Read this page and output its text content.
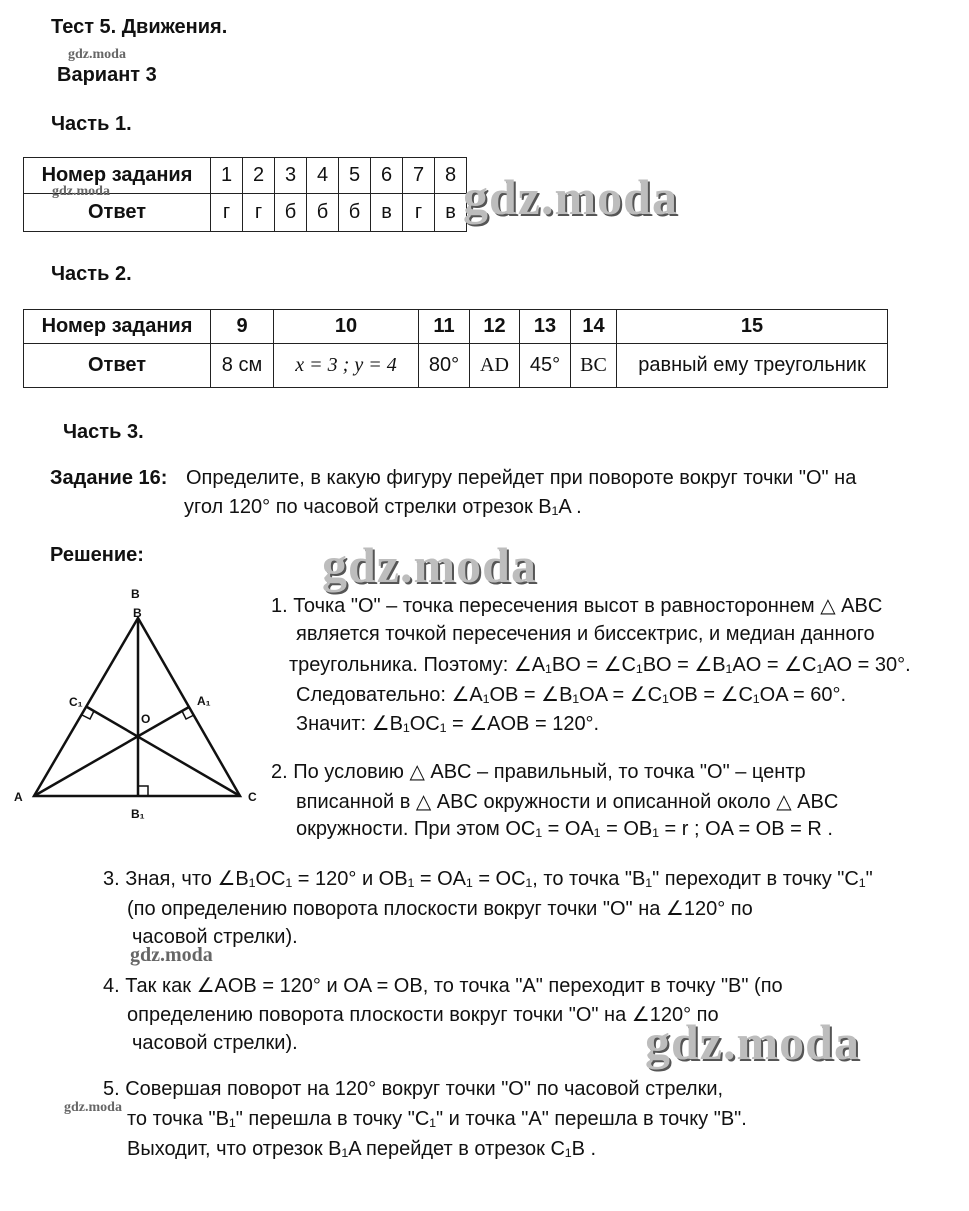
Тест 5. Движения.
gdz.moda
Вариант 3
Часть 1.
Номер задания	1	2	3	4	5	6	7	8
Ответ	г	г	б	б	б	в	г	в
gdz.moda	gdz.moda
Часть 2.
Номер задания	9	10	11	12	13	14	15
Ответ	8 см	x = 3 ; y = 4	80°	AD	45°	BC	равный ему треугольник
Часть 3.
Задание 16: Определите, в какую фигуру перейдет при повороте вокруг точки "O" на
угол 120° по часовой стрелки отрезок B₁A .
Решение:	gdz.moda
B
B
C₁	A₁
O
A	C
B₁
1. Точка "O" – точка пересечения высот в равностороннем △ ABC
является точкой пересечения и биссектрис, и медиан данного
треугольника. Поэтому: ∠A₁BO = ∠C₁BO = ∠B₁AO = ∠C₁AO = 30°.
Следовательно: ∠A₁OB = ∠B₁OA = ∠C₁OB = ∠C₁OA = 60°.
Значит: ∠B₁OC₁ = ∠AOB = 120°.
2. По условию △ ABC – правильный, то точка "O" – центр
вписанной в △ ABC окружности и описанной около △ ABC
окружности. При этом OC₁ = OA₁ = OB₁ = r ; OA = OB = R .
3. Зная, что ∠B₁OC₁ = 120° и OB₁ = OA₁ = OC₁, то точка "B₁" переходит в точку "C₁"
(по определению поворота плоскости вокруг точки "O" на ∠120° по
часовой стрелки).
gdz.moda
4. Так как ∠AOB = 120° и OA = OB, то точка "A" переходит в точку "B" (по
определению поворота плоскости вокруг точки "O" на ∠120° по
часовой стрелки).	gdz.moda
5. Совершая поворот на 120° вокруг точки "O" по часовой стрелки,
gdz.moda
то точка "B₁" перешла в точку "C₁" и точка "A" перешла в точку "B".
Выходит, что отрезок B₁A перейдет в отрезок C₁B .
